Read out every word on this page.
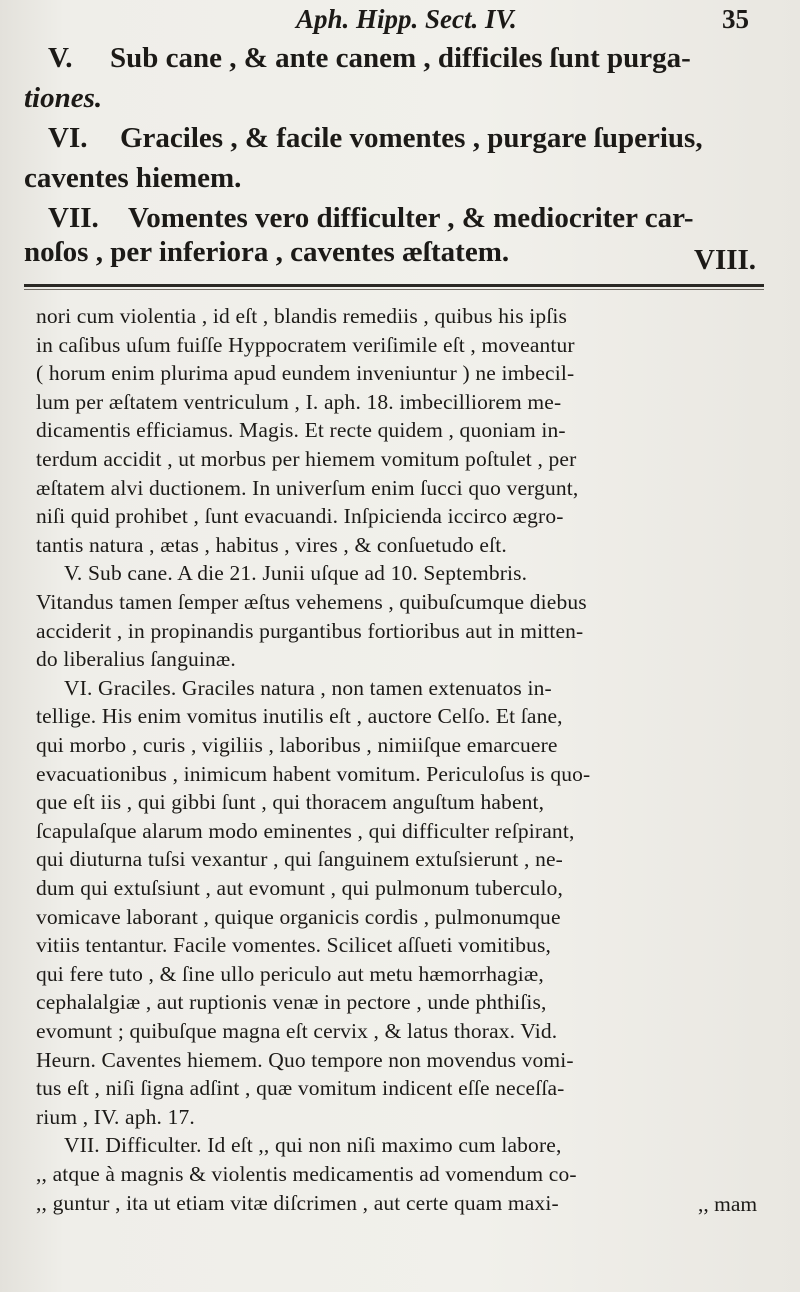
Aph. Hipp. Sect. IV.	35
V. Sub cane , & ante canem , difficiles ſunt purga-
tiones.
VI. Graciles , & facile vomentes , purgare ſuperius,
caventes hiemem.
VII. Vomentes vero difficulter , & mediocriter car-
noſos , per inferiora , caventes æſtatem.	VIII.
nori cum violentia , id eſt , blandis remediis , quibus his ipſis
in caſibus uſum fuiſſe Hyppocratem veriſimile eſt , moveantur
( horum enim plurima apud eundem inveniuntur ) ne imbecil-
lum per æſtatem ventriculum , I. aph. 18. imbecilliorem me-
dicamentis efficiamus. Magis. Et recte quidem , quoniam in-
terdum accidit , ut morbus per hiemem vomitum poſtulet , per
æſtatem alvi ductionem. In univerſum enim ſucci quo vergunt,
niſi quid prohibet , ſunt evacuandi. Inſpicienda iccirco ægro-
tantis natura , ætas , habitus , vires , & conſuetudo eſt.
V. Sub cane. A die 21. Junii uſque ad 10. Septembris.
Vitandus tamen ſemper æſtus vehemens , quibuſcumque diebus
acciderit , in propinandis purgantibus fortioribus aut in mitten-
do liberalius ſanguinæ.
VI. Graciles. Graciles natura , non tamen extenuatos in-
tellige. His enim vomitus inutilis eſt , auctore Celſo. Et ſane,
qui morbo , curis , vigiliis , laboribus , nimiiſque emarcuere
evacuationibus , inimicum habent vomitum. Periculoſus is quo-
que eſt iis , qui gibbi ſunt , qui thoracem anguſtum habent,
ſcapulaſque alarum modo eminentes , qui difficulter reſpirant,
qui diuturna tuſsi vexantur , qui ſanguinem extuſsierunt , ne-
dum qui extuſsiunt , aut evomunt , qui pulmonum tuberculo,
vomicave laborant , quique organicis cordis , pulmonumque
vitiis tentantur. Facile vomentes. Scilicet aſſueti vomitibus,
qui fere tuto , & ſine ullo periculo aut metu hæmorrhagiæ,
cephalalgiæ , aut ruptionis venæ in pectore , unde phthiſis,
evomunt ; quibuſque magna eſt cervix , & latus thorax. Vid.
Heurn. Caventes hiemem. Quo tempore non movendus vomi-
tus eſt , niſi ſigna adſint , quæ vomitum indicent eſſe neceſſa-
rium , IV. aph. 17.
VII. Difficulter. Id eſt ,, qui non niſi maximo cum labore,
,, atque à magnis & violentis medicamentis ad vomendum co-
,, guntur , ita ut etiam vitæ diſcrimen , aut certe quam maxi-	,, mam
